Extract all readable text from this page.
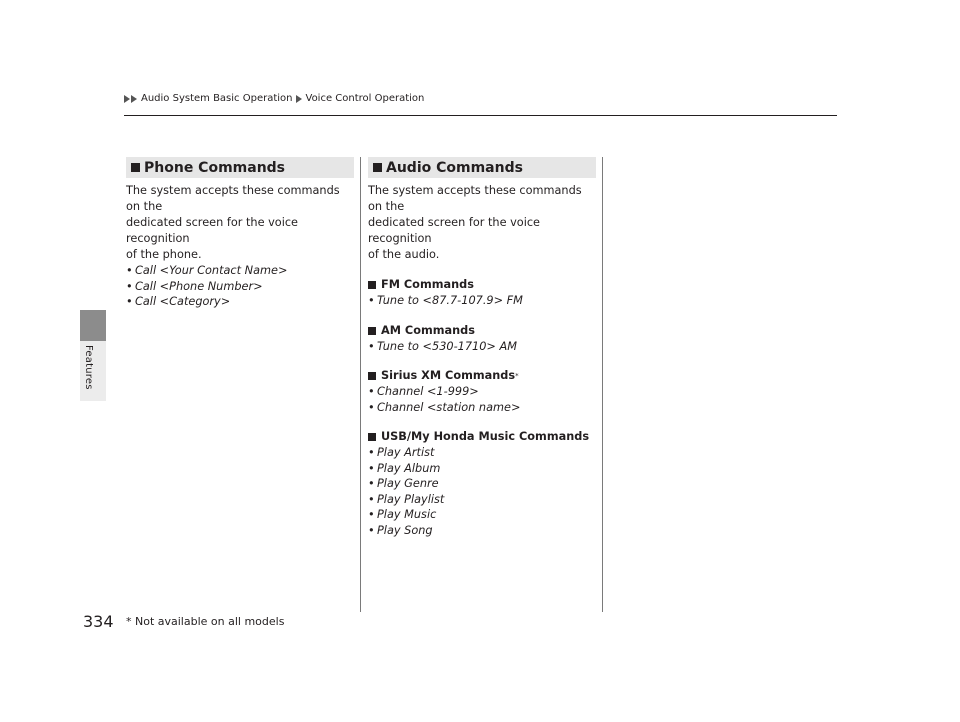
Audio System Basic Operation Voice Control Operation
Features
Phone Commands

The system accepts these commands on the

dedicated screen for the voice recognition

of the phone.

• Call <Your Contact Name>
• Call <Phone Number>
• Call <Category>
Audio Commands

The system accepts these commands on the

dedicated screen for the voice recognition

of the audio.

FM Commands
• Tune to <87.7-107.9> FM
AM Commands
• Tune to <530-1710> AM
Sirius XM Commands *
• Channel <1-999>
• Channel <station name>
USB/My Honda Music Commands
• Play Artist
• Play Album
• Play Genre
• Play Playlist
• Play Music
• Play Song
334 * Not available on all models
